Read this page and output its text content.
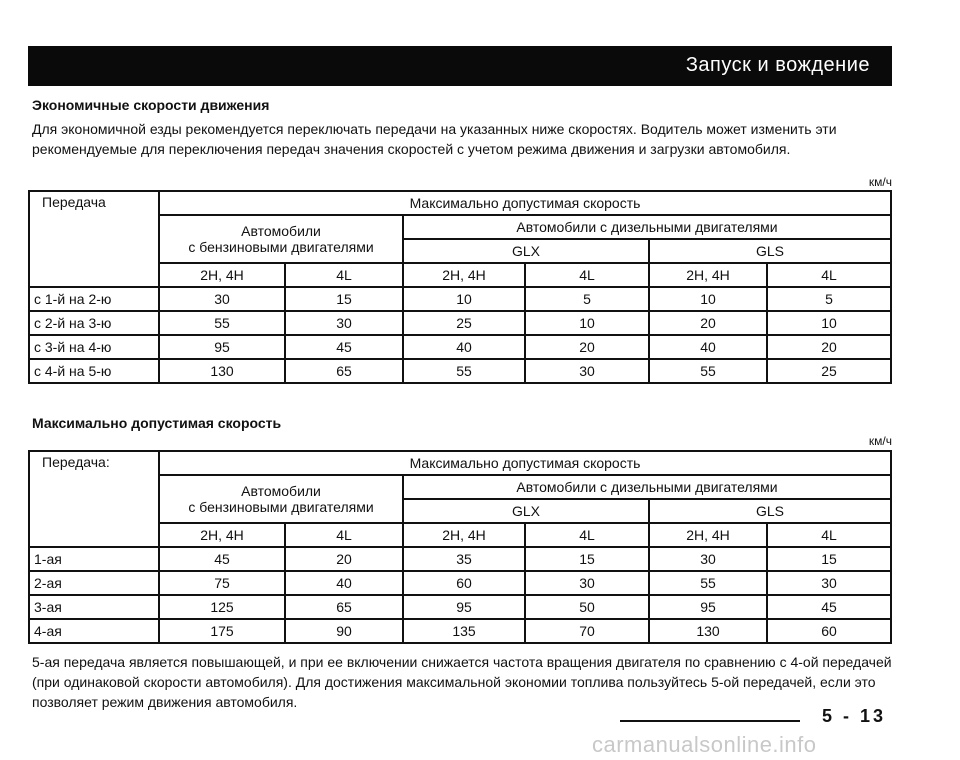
Запуск и вождение
Экономичные скорости движения
Для экономичной езды рекомендуется переключать передачи на указанных ниже скоростях. Водитель может изменить эти рекомендуемые для переключения передач значения скоростей с учетом режима движения и загрузки автомобиля.
км/ч
Передача	Максимально допустимая скорость					

	Автомобили
с бензиновыми двигателями		Автомобили с дизельными двигателями			
			GLX		GLS	
	2H, 4H	4L	2H, 4H	4L	2H, 4H	4L
с 1-й на 2-ю	30	15	10	5	10	5
с 2-й на 3-ю	55	30	25	10	20	10
с 3-й на 4-ю	95	45	40	20	40	20
с 4-й на 5-ю	130	65	55	30	55	25
Максимально допустимая скорость
км/ч
Передача:	Максимально допустимая скорость					

	Автомобили
с бензиновыми двигателями		Автомобили с дизельными двигателями			
			GLX		GLS	
	2H, 4H	4L	2H, 4H	4L	2H, 4H	4L
1-ая	45	20	35	15	30	15
2-ая	75	40	60	30	55	30
3-ая	125	65	95	50	95	45
4-ая	175	90	135	70	130	60
5-ая передача является повышающей, и при ее включении снижается частота вращения двигателя по сравнению с 4-ой передачей (при одинаковой скорости автомобиля). Для достижения максимальной экономии топлива пользуйтесь 5-ой передачей, если это позволяет режим движения автомобиля.
5 - 13
carmanualsonline.info
